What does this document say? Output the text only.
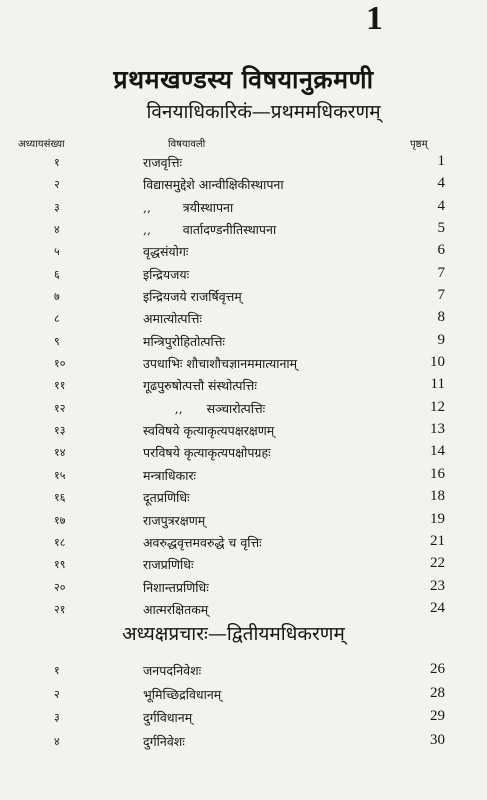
1
प्रथमखण्डस्य विषयानुक्रमणी
विनयाधिकारिकं—प्रथममधिकरणम्
अध्यायसंख्या	विषयावली	पृष्ठम्
१	राजवृत्तिः	1
२	विद्यासमुद्देशे आन्वीक्षिकीस्थापना	4
३	,,        त्रयीस्थापना	4
४	,,        वार्तादण्डनीतिस्थापना	5
५	वृद्धसंयोगः	6
६	इन्द्रियजयः	7
७	इन्द्रियजये राजर्षिवृत्तम्	7
८	अमात्योत्पत्तिः	8
९	मन्त्रिपुरोहितोत्पत्तिः	9
१०	उपधाभिः शौचाशौचज्ञानममात्यानाम्	10
११	गूढपुरुषोत्पत्तौ संस्थोत्पत्तिः	11
१२	,,      सञ्चारोत्पत्तिः	12
१३	स्वविषये कृत्याकृत्यपक्षरक्षणम्	13
१४	परविषये कृत्याकृत्यपक्षोपग्रहः	14
१५	मन्त्राधिकारः	16
१६	दूतप्रणिधिः	18
१७	राजपुत्ररक्षणम्	19
१८	अवरुद्धवृत्तमवरुद्धे च वृत्तिः	21
१९	राजप्रणिधिः	22
२०	निशान्तप्रणिधिः	23
२१	आत्मरक्षितकम्	24
अध्यक्षप्रचारः—द्वितीयमधिकरणम्
१	जनपदनिवेशः	26
२	भूमिच्छिद्रविधानम्	28
३	दुर्गविधानम्	29
४	दुर्गनिवेशः	30
